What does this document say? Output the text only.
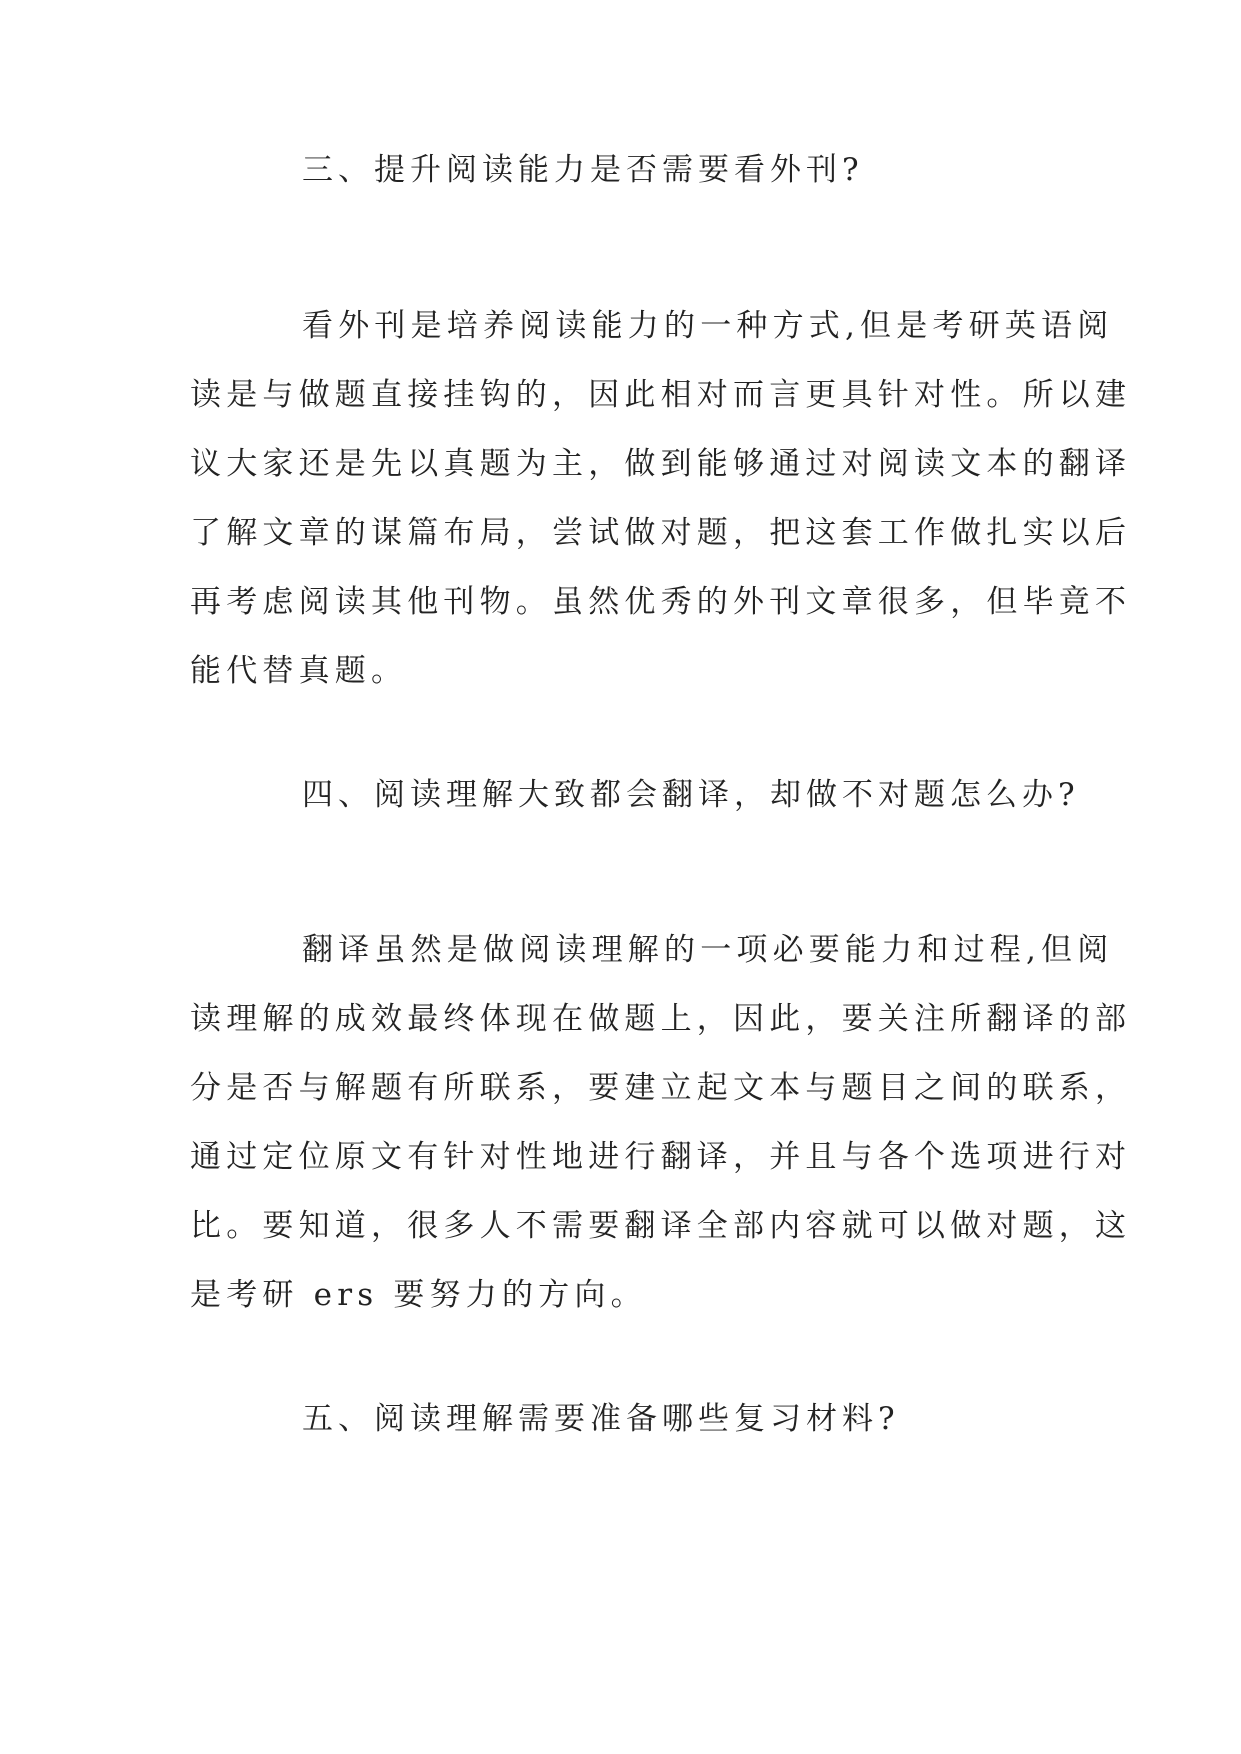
三、提升阅读能力是否需要看外刊?
看外刊是培养阅读能力的一种方式,但是考研英语阅
读是与做题直接挂钩的，因此相对而言更具针对性。所以建
议大家还是先以真题为主，做到能够通过对阅读文本的翻译
了解文章的谋篇布局，尝试做对题，把这套工作做扎实以后
再考虑阅读其他刊物。虽然优秀的外刊文章很多，但毕竟不
能代替真题。
四、阅读理解大致都会翻译，却做不对题怎么办?
翻译虽然是做阅读理解的一项必要能力和过程,但阅
读理解的成效最终体现在做题上，因此，要关注所翻译的部
分是否与解题有所联系，要建立起文本与题目之间的联系，
通过定位原文有针对性地进行翻译，并且与各个选项进行对
比。要知道，很多人不需要翻译全部内容就可以做对题，这
是考研 ers 要努力的方向。
五、阅读理解需要准备哪些复习材料?
